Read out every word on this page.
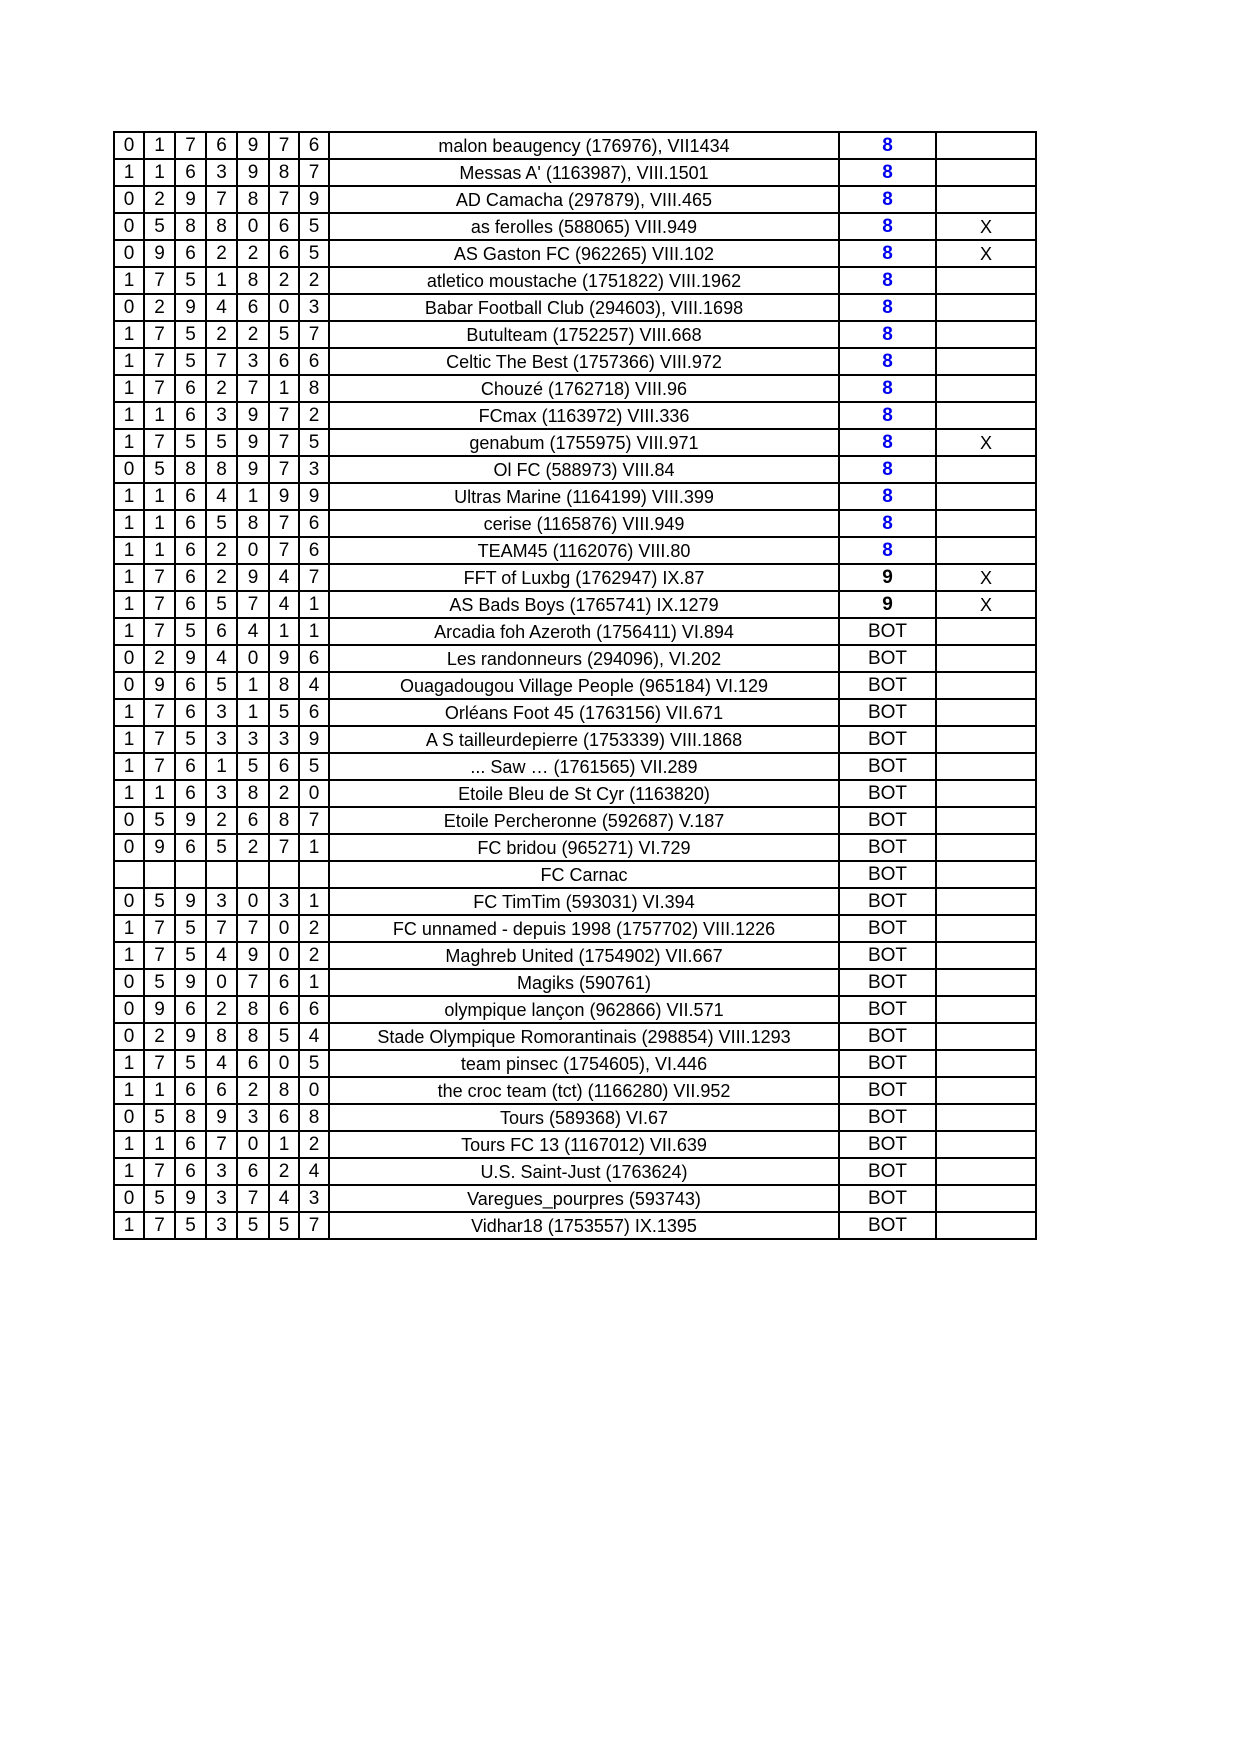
0	1	7	6	9	7	6	malon beaugency (176976), VII1434	8	
1	1	6	3	9	8	7	Messas A' (1163987), VIII.1501	8	
0	2	9	7	8	7	9	AD Camacha (297879), VIII.465	8	
0	5	8	8	0	6	5	as ferolles (588065) VIII.949	8	X
0	9	6	2	2	6	5	AS Gaston FC (962265) VIII.102	8	X
1	7	5	1	8	2	2	atletico moustache (1751822) VIII.1962	8	
0	2	9	4	6	0	3	Babar Football Club (294603), VIII.1698	8	
1	7	5	2	2	5	7	Butulteam (1752257) VIII.668	8	
1	7	5	7	3	6	6	Celtic The Best (1757366) VIII.972	8	
1	7	6	2	7	1	8	Chouzé (1762718) VIII.96	8	
1	1	6	3	9	7	2	FCmax (1163972) VIII.336	8	
1	7	5	5	9	7	5	genabum (1755975) VIII.971	8	X
0	5	8	8	9	7	3	Ol FC (588973) VIII.84	8	
1	1	6	4	1	9	9	Ultras Marine (1164199) VIII.399	8	
1	1	6	5	8	7	6	cerise (1165876) VIII.949	8	
1	1	6	2	0	7	6	TEAM45 (1162076) VIII.80	8	
1	7	6	2	9	4	7	FFT of Luxbg (1762947) IX.87	9	X
1	7	6	5	7	4	1	AS Bads Boys (1765741) IX.1279	9	X
1	7	5	6	4	1	1	Arcadia foh Azeroth (1756411) VI.894	BOT	
0	2	9	4	0	9	6	Les randonneurs (294096), VI.202	BOT	
0	9	6	5	1	8	4	Ouagadougou Village People (965184) VI.129	BOT	
1	7	6	3	1	5	6	Orléans Foot 45 (1763156) VII.671	BOT	
1	7	5	3	3	3	9	A S tailleurdepierre (1753339) VIII.1868	BOT	
1	7	6	1	5	6	5	... Saw … (1761565) VII.289	BOT	
1	1	6	3	8	2	0	Etoile Bleu de St Cyr (1163820)	BOT	
0	5	9	2	6	8	7	Etoile Percheronne (592687) V.187	BOT	
0	9	6	5	2	7	1	FC bridou (965271) VI.729	BOT	
							FC Carnac	BOT	
0	5	9	3	0	3	1	FC TimTim (593031) VI.394	BOT	
1	7	5	7	7	0	2	FC unnamed - depuis 1998 (1757702) VIII.1226	BOT	
1	7	5	4	9	0	2	Maghreb United (1754902) VII.667	BOT	
0	5	9	0	7	6	1	Magiks (590761)	BOT	
0	9	6	2	8	6	6	olympique lançon (962866) VII.571	BOT	
0	2	9	8	8	5	4	Stade Olympique Romorantinais (298854) VIII.1293	BOT	
1	7	5	4	6	0	5	team pinsec (1754605), VI.446	BOT	
1	1	6	6	2	8	0	the croc team (tct) (1166280) VII.952	BOT	
0	5	8	9	3	6	8	Tours (589368) VI.67	BOT	
1	1	6	7	0	1	2	Tours FC 13 (1167012) VII.639	BOT	
1	7	6	3	6	2	4	U.S. Saint-Just (1763624)	BOT	
0	5	9	3	7	4	3	Varegues_pourpres (593743)	BOT	
1	7	5	3	5	5	7	Vidhar18 (1753557) IX.1395	BOT	
